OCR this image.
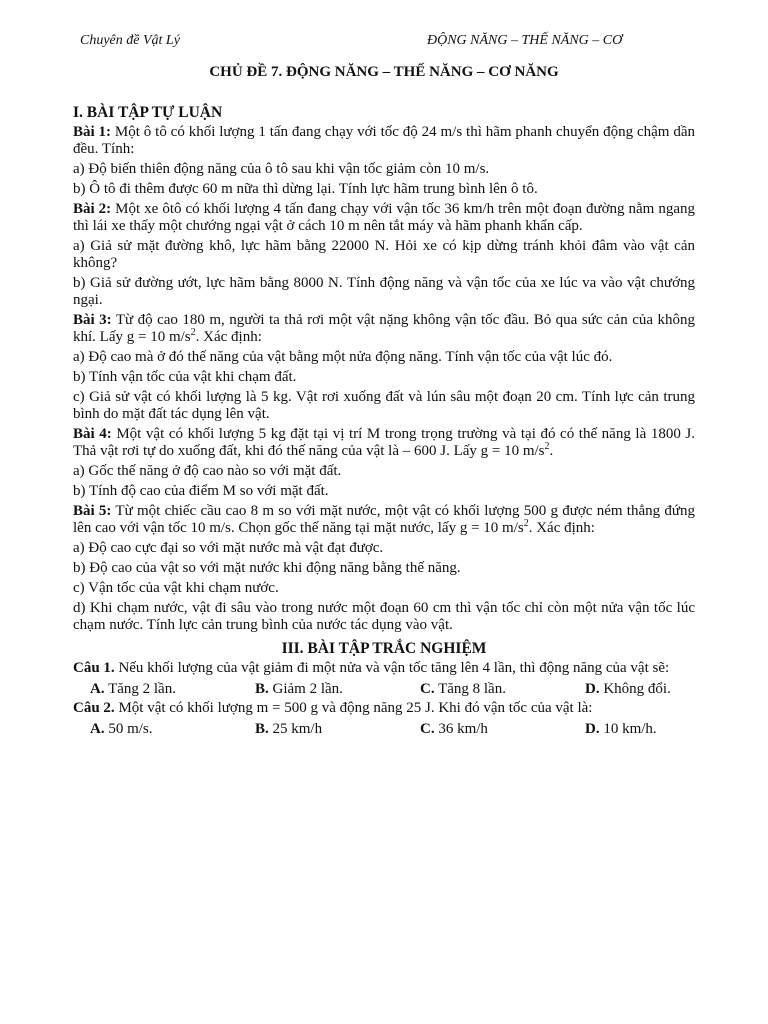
Chuyên đề Vật Lý	ĐỘNG NĂNG – THẾ NĂNG – CƠ
CHỦ ĐỀ 7. ĐỘNG NĂNG – THẾ NĂNG – CƠ NĂNG
I. BÀI TẬP TỰ LUẬN
Bài 1: Một ô tô có khối lượng 1 tấn đang chạy với tốc độ 24 m/s thì hãm phanh chuyển động chậm dần đều. Tính:
a) Độ biến thiên động năng của ô tô sau khi vận tốc giảm còn 10 m/s.
b) Ô tô đi thêm được 60 m nữa thì dừng lại. Tính lực hãm trung bình lên ô tô.
Bài 2: Một xe ôtô có khối lượng 4 tấn đang chạy với vận tốc 36 km/h trên một đoạn đường nằm ngang thì lái xe thấy một chướng ngại vật ở cách 10 m nên tắt máy và hãm phanh khẩn cấp.
a) Giả sử mặt đường khô, lực hãm bằng 22000 N. Hỏi xe có kịp dừng tránh khỏi đâm vào vật cản không?
b) Giả sử đường ướt, lực hãm bằng 8000 N. Tính động năng và vận tốc của xe lúc va vào vật chướng ngại.
Bài 3: Từ độ cao 180 m, người ta thả rơi một vật nặng không vận tốc đầu. Bỏ qua sức cản của không khí. Lấy g = 10 $m/s^2$. Xác định:
a) Độ cao mà ở đó thế năng của vật bằng một nửa động năng. Tính vận tốc của vật lúc đó.
b) Tính vận tốc của vật khi chạm đất.
c) Giả sử vật có khối lượng là 5 kg. Vật rơi xuống đất và lún sâu một đoạn 20 cm. Tính lực cản trung bình do mặt đất tác dụng lên vật.
Bài 4: Một vật có khối lượng 5 kg đặt tại vị trí M trong trọng trường và tại đó có thế năng là 1800 J. Thả vật rơi tự do xuống đất, khi đó thế năng của vật là – 600 J. Lấy g = 10 $m/s^2$.
a) Gốc thế năng ở độ cao nào so với mặt đất.
b) Tính độ cao của điểm M so với mặt đất.
Bài 5: Từ một chiếc cầu cao 8 m so với mặt nước, một vật có khối lượng 500 g được ném thẳng đứng lên cao với vận tốc 10 m/s. Chọn gốc thế năng tại mặt nước, lấy g = 10 $m/s^2$. Xác định:
a) Độ cao cực đại so với mặt nước mà vật đạt được.
b) Độ cao của vật so với mặt nước khi động năng bằng thế năng.
c) Vận tốc của vật khi chạm nước.
d) Khi chạm nước, vật đi sâu vào trong nước một đoạn 60 cm thì vận tốc chỉ còn một nửa vận tốc lúc chạm nước. Tính lực cản trung bình của nước tác dụng vào vật.
III. BÀI TẬP TRẮC NGHIỆM
Câu 1. Nếu khối lượng của vật giảm đi một nửa và vận tốc tăng lên 4 lần, thì động năng của vật sẽ:
A. Tăng 2 lần.	B. Giảm 2 lần.	C. Tăng 8 lần.	D. Không đổi.
Câu 2. Một vật có khối lượng m = 500 g và động năng 25 J. Khi đó vận tốc của vật là:
A. 50 m/s.	B. 25 km/h	C. 36 km/h	D. 10 km/h.
